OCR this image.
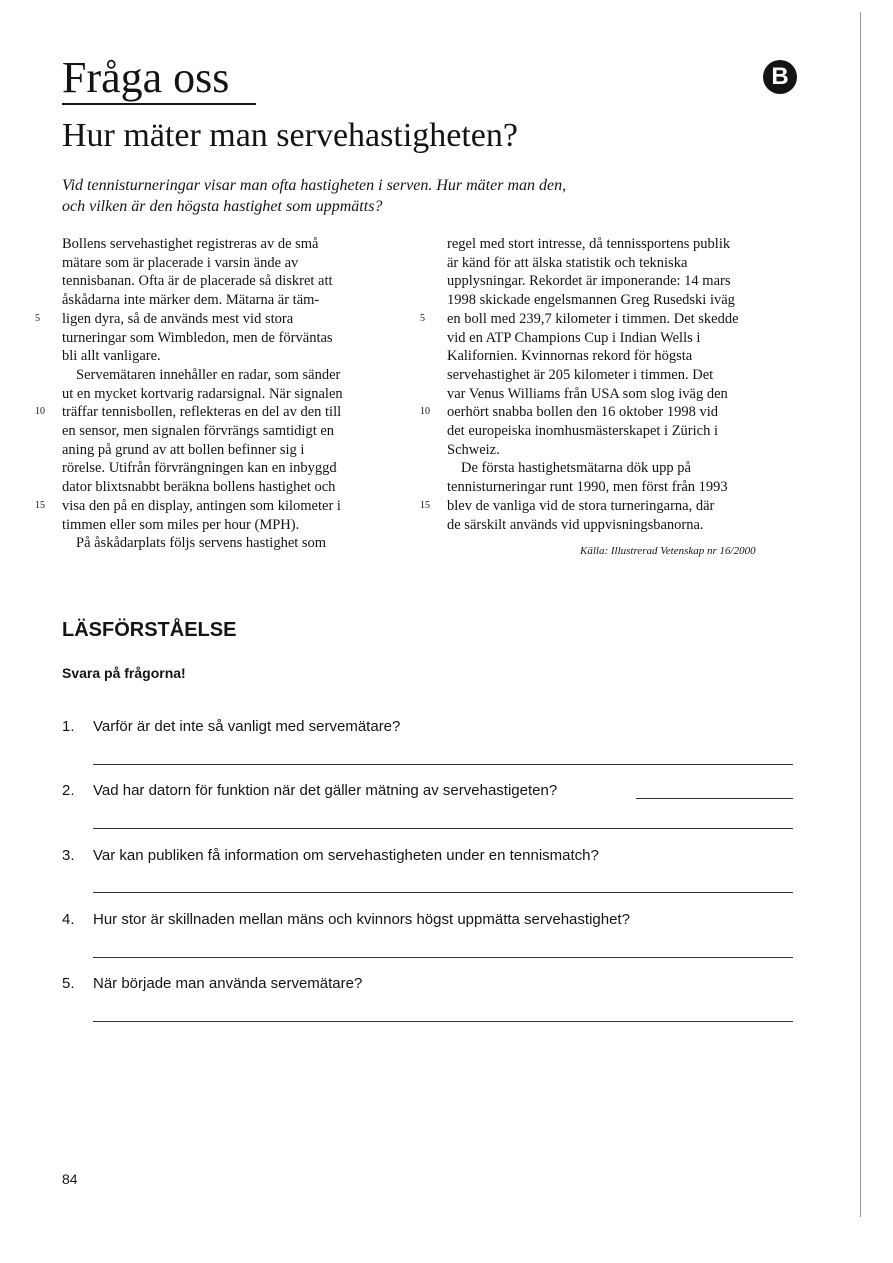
Fråga oss	B
Hur mäter man servehastigheten?
Vid tennisturneringar visar man ofta hastigheten i serven. Hur mäter man den,
och vilken är den högsta hastighet som uppmätts?
Bollens servehastighet registreras av de små
mätare som är placerade i varsin ände av
tennisbanan. Ofta är de placerade så diskret att
åskådarna inte märker dem. Mätarna är täm-
5 ligen dyra, så de används mest vid stora
turneringar som Wimbledon, men de förväntas
bli allt vanligare.
Servemätaren innehåller en radar, som sänder
ut en mycket kortvarig radarsignal. När signalen
10 träffar tennisbollen, reflekteras en del av den till
en sensor, men signalen förvrängs samtidigt en
aning på grund av att bollen befinner sig i
rörelse. Utifrån förvrängningen kan en inbyggd
dator blixtsnabbt beräkna bollens hastighet och
15 visa den på en display, antingen som kilometer i
timmen eller som miles per hour (MPH).
På åskådarplats följs servens hastighet som
regel med stort intresse, då tennissportens publik
är känd för att älska statistik och tekniska
upplysningar. Rekordet är imponerande: 14 mars
1998 skickade engelsmannen Greg Rusedski iväg
5 en boll med 239,7 kilometer i timmen. Det skedde
vid en ATP Champions Cup i Indian Wells i
Kalifornien. Kvinnornas rekord för högsta
servehastighet är 205 kilometer i timmen. Det
var Venus Williams från USA som slog iväg den
10 oerhört snabba bollen den 16 oktober 1998 vid
det europeiska inomhusmästerskapet i Zürich i
Schweiz.
De första hastighetsmätarna dök upp på
tennisturneringar runt 1990, men först från 1993
15 blev de vanliga vid de stora turneringarna, där
de särskilt används vid uppvisningsbanorna.
Källa: Illustrerad Vetenskap nr 16/2000
LÄSFÖRSTÅELSE
Svara på frågorna!
1. Varför är det inte så vanligt med servemätare?
2. Vad har datorn för funktion när det gäller mätning av servehastigeten?
3. Var kan publiken få information om servehastigheten under en tennismatch?
4. Hur stor är skillnaden mellan mäns och kvinnors högst uppmätta servehastighet?
5. När började man använda servemätare?
84
